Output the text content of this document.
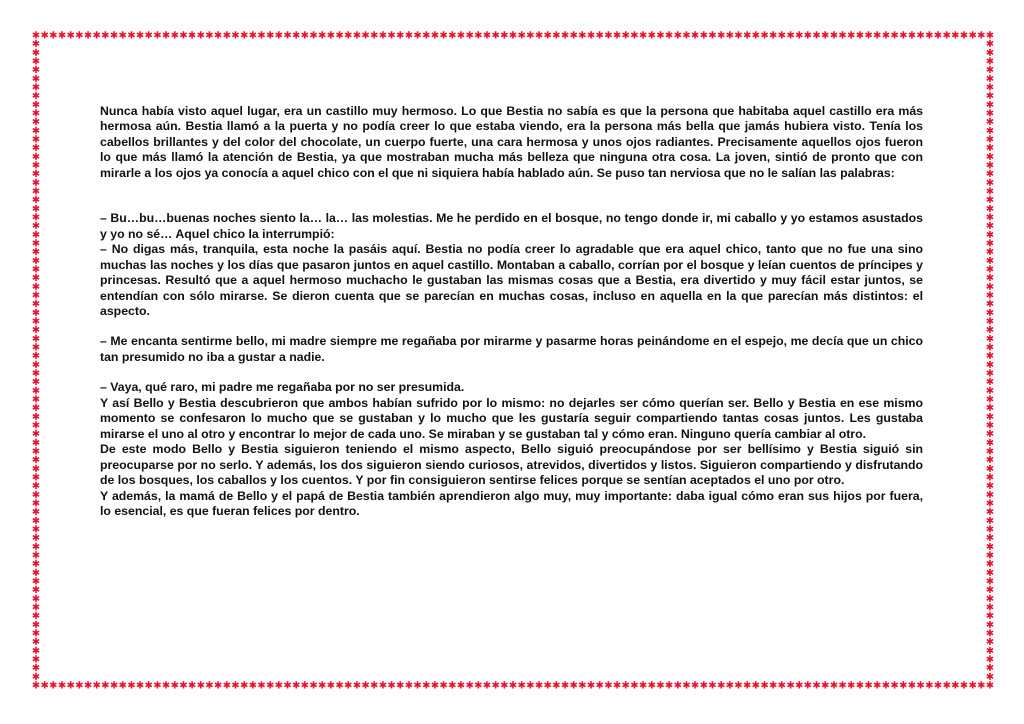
✱
✱
✱
✱
✱
✱
✱
✱
✱
✱
✱
✱
✱
✱
✱
✱
✱
✱
✱
✱
✱
✱
✱
✱
✱
✱
✱
✱
✱
✱
✱
✱
✱
✱
✱
✱
✱
✱
✱
✱
✱
✱
✱
✱
✱
✱
✱
✱
✱
✱
✱
✱
✱
✱
✱
✱
✱
✱
✱
✱
✱
✱
✱
✱
✱
✱
✱
✱
✱
✱
✱
✱
✱
✱
✱
✱
✱
✱
✱
✱
✱
✱
✱
✱
✱
✱
✱
✱
✱
✱
✱
✱
✱
✱
✱
✱
✱
✱
✱
✱
✱
✱
✱
✱
✱
✱
✱
✱
✱
✱
✱
✱
✱
✱
✱
✱
✱
✱
✱
✱
✱
✱
✱
✱
✱
✱
✱
✱
✱
✱
✱
✱
✱
✱
✱
✱
✱
✱
✱
✱
✱
✱
✱
✱
✱
✱
✱
✱
✱
✱
✱
✱
✱
✱
✱
✱
✱
✱
✱
✱
✱
✱
✱
✱
✱
✱
✱
✱
✱
✱
✱
✱
✱
✱
✱
✱
✱
✱
✱
✱
✱
✱
✱
✱
✱
✱
✱
✱
✱
✱
✱
✱
✱
✱
✱
✱
✱
✱
✱
✱
✱
✱
✱
✱
✱
✱
✱
✱
✱
✱
✱
✱
✱
✱
✱
✱
✱
✱
✱
✱
✱
✱
✱	✱
✱	✱
✱	✱
✱	✱
✱	✱
✱	✱
✱	✱
✱	✱
✱	✱
✱	✱
✱	✱
✱	✱
✱	✱
✱	✱
✱	✱
✱	✱
✱	✱
✱	✱
✱	✱
✱	✱
✱	✱
✱	✱
✱	✱
✱	✱
✱	✱
✱	✱
✱	✱
✱	✱
✱	✱
✱	✱
✱	✱
✱	✱
✱	✱
✱	✱
✱	✱
✱	✱
✱	✱
✱	✱
✱	✱
✱	✱
✱	✱
✱	✱
✱	✱
✱	✱
✱	✱
✱	✱
✱	✱
✱	✱
✱	✱
✱	✱
✱	✱
✱	✱
✱	✱
✱	✱
✱	✱
✱	✱
✱	✱
✱	✱
✱	✱
✱	✱
✱	✱
✱	✱
✱	✱
✱	✱
✱	✱
✱	✱
✱	✱
✱	✱
✱	✱
✱	✱
✱	✱
✱	✱
✱	✱
✱	✱

Nunca había visto aquel lugar, era un castillo muy hermoso. Lo que Bestia no sabía es que la persona que habitaba aquel castillo era más hermosa aún. Bestia llamó a la puerta y no podía creer lo que estaba viendo, era la persona más bella que jamás hubiera visto. Tenía los cabellos brillantes y del color del chocolate, un cuerpo fuerte, una cara hermosa y unos ojos radiantes. Precisamente aquellos ojos fueron lo que más llamó la atención de Bestia, ya que mostraban mucha más belleza que ninguna otra cosa. La joven, sintió de pronto que con mirarle a los ojos ya conocía a aquel chico con el que ni siquiera había hablado aún. Se puso tan nerviosa que no le salían las palabras:

– Bu…bu…buenas noches siento la… la… las molestias. Me he perdido en el bosque, no tengo donde ir, mi caballo y yo estamos asustados y yo no sé… Aquel chico la interrumpió:

– No digas más, tranquila, esta noche la pasáis aquí. Bestia no podía creer lo agradable que era aquel chico, tanto que no fue una sino muchas las noches y los días que pasaron juntos en aquel castillo. Montaban a caballo, corrían por el bosque y leían cuentos de príncipes y princesas. Resultó que a aquel hermoso muchacho le gustaban las mismas cosas que a Bestia, era divertido y muy fácil estar juntos, se entendían con sólo mirarse. Se dieron cuenta que se parecían en muchas cosas, incluso en aquella en la que parecían más distintos: el aspecto.

– Me encanta sentirme bello, mi madre siempre me regañaba por mirarme y pasarme horas peinándome en el espejo, me decía que un chico tan presumido no iba a gustar a nadie.

– Vaya, qué raro, mi padre me regañaba por no ser presumida.

Y así Bello y Bestia descubrieron que ambos habían sufrido por lo mismo: no dejarles ser cómo querían ser. Bello y Bestia en ese mismo momento se confesaron lo mucho que se gustaban y lo mucho que les gustaría seguir compartiendo tantas cosas juntos. Les gustaba mirarse el uno al otro y encontrar lo mejor de cada uno. Se miraban y se gustaban tal y cómo eran. Ninguno quería cambiar al otro.

De este modo Bello y Bestia siguieron teniendo el mismo aspecto, Bello siguió preocupándose por ser bellísimo y Bestia siguió sin preocuparse por no serlo. Y además, los dos siguieron siendo curiosos, atrevidos, divertidos y listos. Siguieron compartiendo y disfrutando de los bosques, los caballos y los cuentos. Y por fin consiguieron sentirse felices porque se sentían aceptados el uno por otro.

Y además, la mamá de Bello y el papá de Bestia también aprendieron algo muy, muy importante: daba igual cómo eran sus hijos por fuera, lo esencial, es que fueran felices por dentro.
